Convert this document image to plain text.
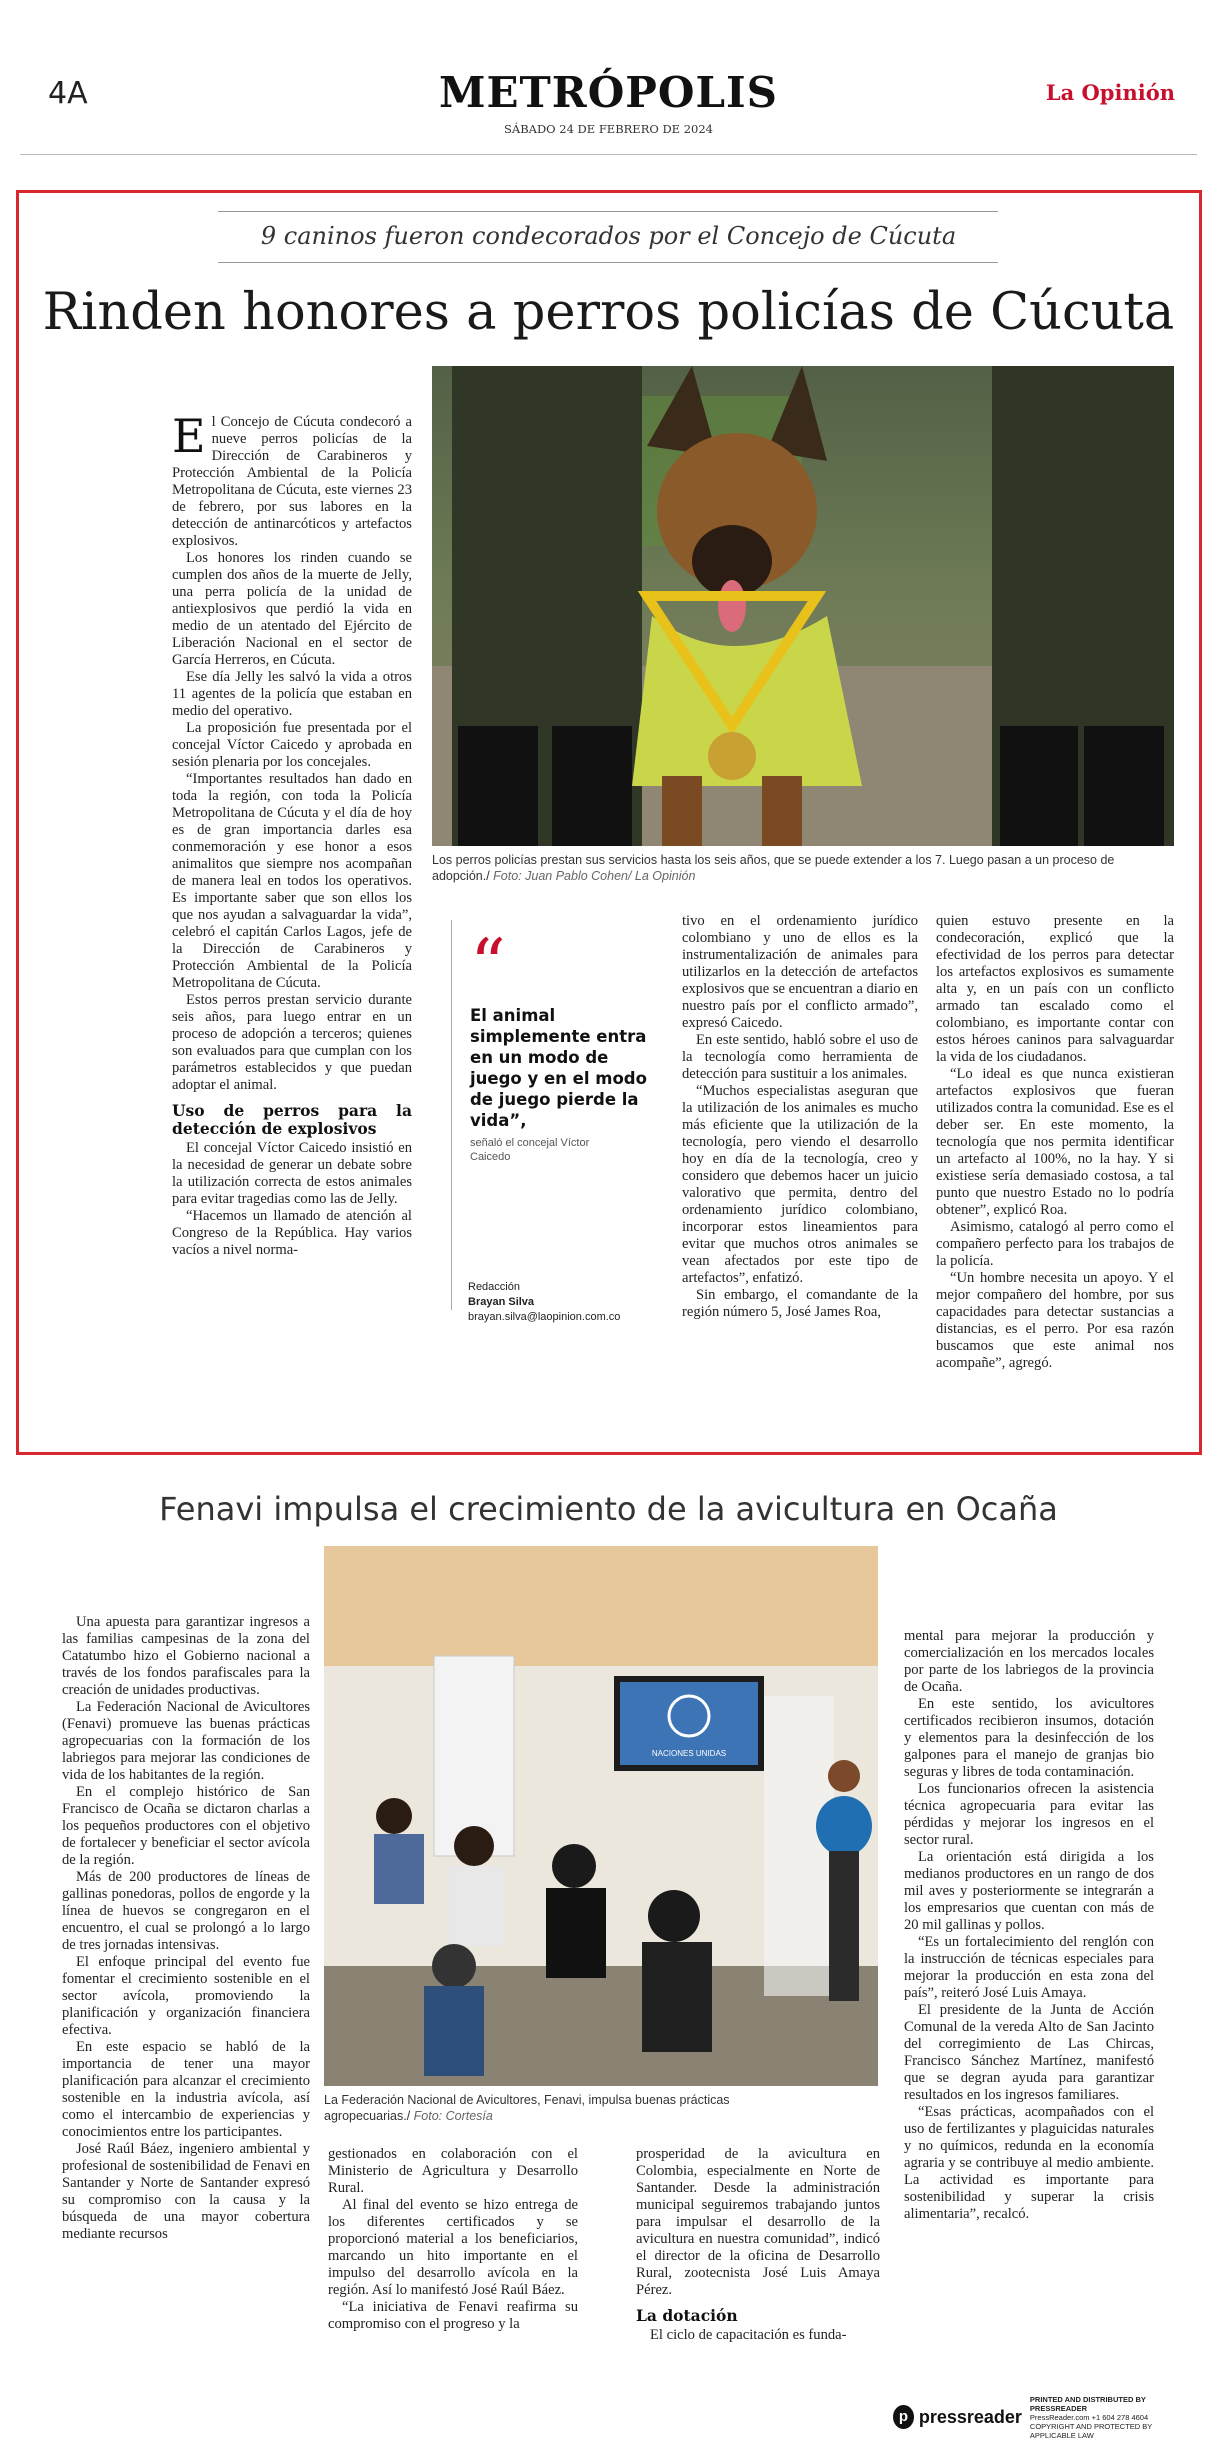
4A	METRÓPOLIS
SÁBADO 24 DE FEBRERO DE 2024
La Opinión
9 caninos fueron condecorados por el Concejo de Cúcuta
Rinden honores a perros policías de Cúcuta
Los perros policías prestan sus servicios hasta los seis años, que se puede extender a los 7. Luego pasan a un proceso de adopción./ Foto: Juan Pablo Cohen/ La Opinión

El Concejo de Cúcuta condecoró a nueve perros policías de la Dirección de Carabineros y Protección Ambiental de la Policía Metropolitana de Cúcuta, este viernes 23 de febrero, por sus labores en la detección de antinarcóticos y artefactos explosivos.

Los honores los rinden cuando se cumplen dos años de la muerte de Jelly, una perra policía de la unidad de antiexplosivos que perdió la vida en medio de un atentado del Ejército de Liberación Nacional en el sector de García Herreros, en Cúcuta.

Ese día Jelly les salvó la vida a otros 11 agentes de la policía que estaban en medio del operativo.

La proposición fue presentada por el concejal Víctor Caicedo y aprobada en sesión plenaria por los concejales.

“Importantes resultados han dado en toda la región, con toda la Policía Metropolitana de Cúcuta y el día de hoy es de gran importancia darles esa conmemoración y ese honor a esos animalitos que siempre nos acompañan de manera leal en todos los operativos. Es importante saber que son ellos los que nos ayudan a salvaguardar la vida”, celebró el capitán Carlos Lagos, jefe de la Dirección de Carabineros y Protección Ambiental de la Policía Metropolitana de Cúcuta.

Estos perros prestan servicio durante seis años, para luego entrar en un proceso de adopción a terceros; quienes son evaluados para que cumplan con los parámetros establecidos y que puedan adoptar el animal.

Uso de perros para la detección de explosivos

El concejal Víctor Caicedo insistió en la necesidad de generar un debate sobre la utilización correcta de estos animales para evitar tragedias como las de Jelly.

“Hacemos un llamado de atención al Congreso de la República. Hay varios vacíos a nivel norma-

“
El animal simplemente entra en un modo de juego y en el modo de juego pierde la vida”,
señaló el concejal Víctor Caicedo
Redacción
Brayan Silva
brayan.silva@laopinion.com.co

tivo en el ordenamiento jurídico colombiano y uno de ellos es la instrumentalización de animales para utilizarlos en la detección de artefactos explosivos que se encuentran a diario en nuestro país por el conflicto armado”, expresó Caicedo.

En este sentido, habló sobre el uso de la tecnología como herramienta de detección para sustituir a los animales.

“Muchos especialistas aseguran que la utilización de los animales es mucho más eficiente que la utilización de la tecnología, pero viendo el desarrollo hoy en día de la tecnología, creo y considero que debemos hacer un juicio valorativo que permita, dentro del ordenamiento jurídico colombiano, incorporar estos lineamientos para evitar que muchos otros animales se vean afectados por este tipo de artefactos”, enfatizó.

Sin embargo, el comandante de la región número 5, José James Roa,

quien estuvo presente en la condecoración, explicó que la efectividad de los perros para detectar los artefactos explosivos es sumamente alta y, en un país con un conflicto armado tan escalado como el colombiano, es importante contar con estos héroes caninos para salvaguardar la vida de los ciudadanos.

“Lo ideal es que nunca existieran artefactos explosivos que fueran utilizados contra la comunidad. Ese es el deber ser. En este momento, la tecnología que nos permita identificar un artefacto al 100%, no la hay. Y si existiese sería demasiado costosa, a tal punto que nuestro Estado no lo podría obtener”, explicó Roa.

Asimismo, catalogó al perro como el compañero perfecto para los trabajos de la policía.

“Un hombre necesita un apoyo. Y el mejor compañero del hombre, por sus capacidades para detectar sustancias a distancias, es el perro. Por esa razón buscamos que este animal nos acompañe”, agregó.

Fenavi impulsa el crecimiento de la avicultura en Ocaña
NACIONES UNIDAS
La Federación Nacional de Avicultores, Fenavi, impulsa buenas prácticas agropecuarias./ Foto: Cortesía

Una apuesta para garantizar ingresos a las familias campesinas de la zona del Catatumbo hizo el Gobierno nacional a través de los fondos parafiscales para la creación de unidades productivas.

La Federación Nacional de Avicultores (Fenavi) promueve las buenas prácticas agropecuarias con la formación de los labriegos para mejorar las condiciones de vida de los habitantes de la región.

En el complejo histórico de San Francisco de Ocaña se dictaron charlas a los pequeños productores con el objetivo de fortalecer y beneficiar el sector avícola de la región.

Más de 200 productores de líneas de gallinas ponedoras, pollos de engorde y la línea de huevos se congregaron en el encuentro, el cual se prolongó a lo largo de tres jornadas intensivas.

El enfoque principal del evento fue fomentar el crecimiento sostenible en el sector avícola, promoviendo la planificación y organización financiera efectiva.

En este espacio se habló de la importancia de tener una mayor planificación para alcanzar el crecimiento sostenible en la industria avícola, así como el intercambio de experiencias y conocimientos entre los participantes.

José Raúl Báez, ingeniero ambiental y profesional de sostenibilidad de Fenavi en Santander y Norte de Santander expresó su compromiso con la causa y la búsqueda de una mayor cobertura mediante recursos

gestionados en colaboración con el Ministerio de Agricultura y Desarrollo Rural.

Al final del evento se hizo entrega de los diferentes certificados y se proporcionó material a los beneficiarios, marcando un hito importante en el impulso del desarrollo avícola en la región. Así lo manifestó José Raúl Báez.

“La iniciativa de Fenavi reafirma su compromiso con el progreso y la

prosperidad de la avicultura en Colombia, especialmente en Norte de Santander. Desde la administración municipal seguiremos trabajando juntos para impulsar el desarrollo de la avicultura en nuestra comunidad”, indicó el director de la oficina de Desarrollo Rural, zootecnista José Luis Amaya Pérez.

La dotación

El ciclo de capacitación es funda-

mental para mejorar la producción y comercialización en los mercados locales por parte de los labriegos de la provincia de Ocaña.

En este sentido, los avicultores certificados recibieron insumos, dotación y elementos para la desinfección de los galpones para el manejo de granjas bio seguras y libres de toda contaminación.

Los funcionarios ofrecen la asistencia técnica agropecuaria para evitar las pérdidas y mejorar los ingresos en el sector rural.

La orientación está dirigida a los medianos productores en un rango de dos mil aves y posteriormente se integrarán a los empresarios que cuentan con más de 20 mil gallinas y pollos.

“Es un fortalecimiento del renglón con la instrucción de técnicas especiales para mejorar la producción en esta zona del país”, reiteró José Luis Amaya.

El presidente de la Junta de Acción Comunal de la vereda Alto de San Jacinto del corregimiento de Las Chircas, Francisco Sánchez Martínez, manifestó que se degran ayuda para garantizar resultados en los ingresos familiares.

“Esas prácticas, acompañados con el uso de fertilizantes y plaguicidas naturales y no químicos, redunda en la economía agraria y se contribuye al medio ambiente. La actividad es importante para sostenibilidad y superar la crisis alimentaria”, recalcó.

p pressreader
PRINTED AND DISTRIBUTED BY PRESSREADER
PressReader.com +1 604 278 4604
COPYRIGHT AND PROTECTED BY APPLICABLE LAW
